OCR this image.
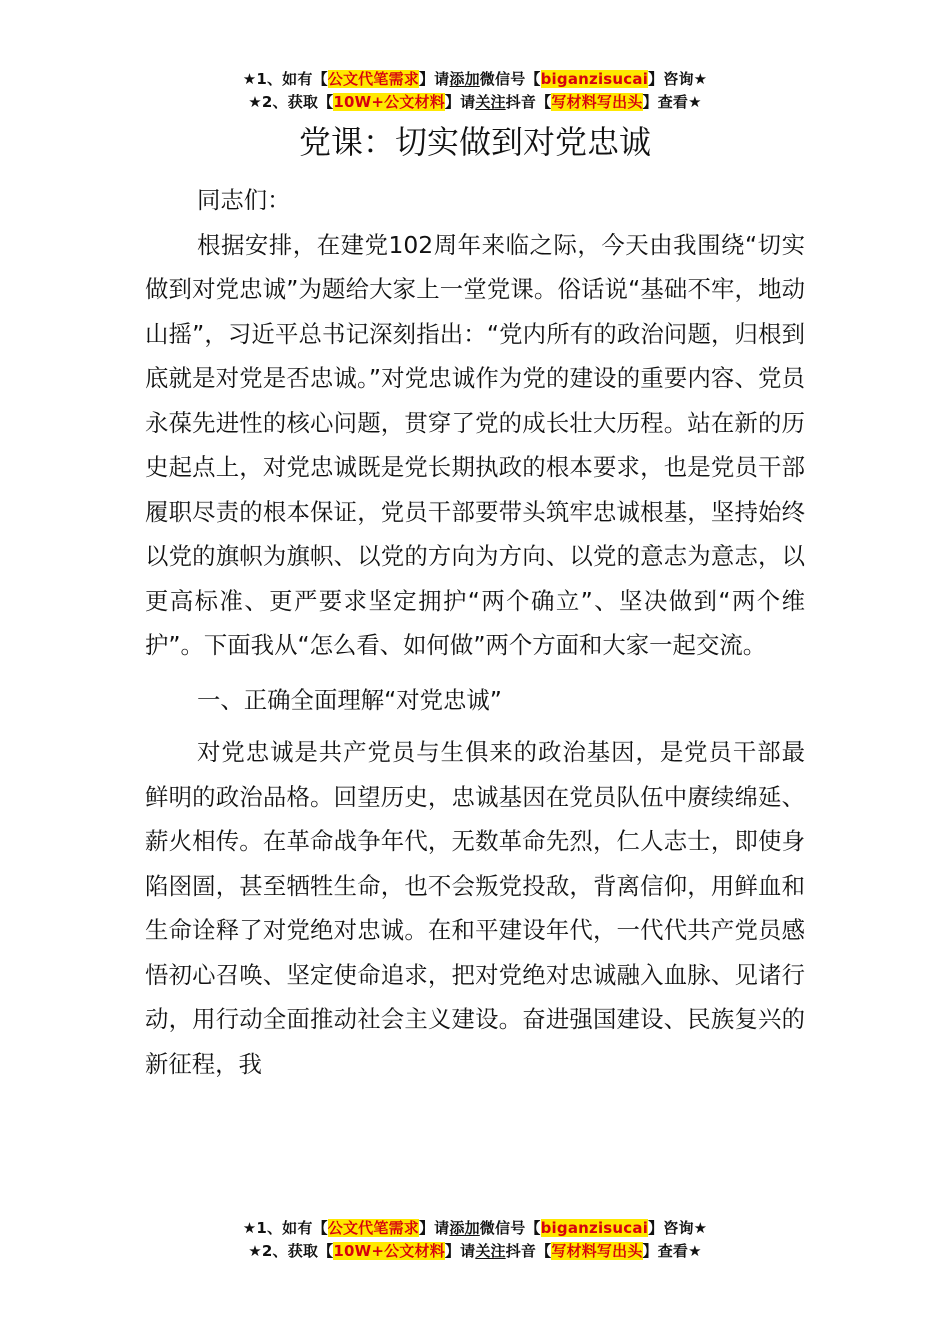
★1、如有【公文代笔需求】请添加微信号【biganzisucai】咨询★
★2、获取【10W+公文材料】请关注抖音【写材料写出头】查看★
党课：切实做到对党忠诚

同志们：

根据安排，在建党102周年来临之际，今天由我围绕“切实做到对党忠诚”为题给大家上一堂党课。俗话说“基础不牢，地动山摇”，习近平总书记深刻指出：“党内所有的政治问题，归根到底就是对党是否忠诚。”对党忠诚作为党的建设的重要内容、党员永葆先进性的核心问题，贯穿了党的成长壮大历程。站在新的历史起点上，对党忠诚既是党长期执政的根本要求，也是党员干部履职尽责的根本保证，党员干部要带头筑牢忠诚根基，坚持始终以党的旗帜为旗帜、以党的方向为方向、以党的意志为意志，以更高标准、更严要求坚定拥护“两个确立”、坚决做到“两个维护”。下面我从“怎么看、如何做”两个方面和大家一起交流。

一、正确全面理解“对党忠诚”

对党忠诚是共产党员与生俱来的政治基因，是党员干部最鲜明的政治品格。回望历史，忠诚基因在党员队伍中赓续绵延、薪火相传。在革命战争年代，无数革命先烈，仁人志士，即使身陷囹圄，甚至牺牲生命，也不会叛党投敌，背离信仰，用鲜血和生命诠释了对党绝对忠诚。在和平建设年代，一代代共产党员感悟初心召唤、坚定使命追求，把对党绝对忠诚融入血脉、见诸行动，用行动全面推动社会主义建设。奋进强国建设、民族复兴的新征程，我

★1、如有【公文代笔需求】请添加微信号【biganzisucai】咨询★
★2、获取【10W+公文材料】请关注抖音【写材料写出头】查看★
